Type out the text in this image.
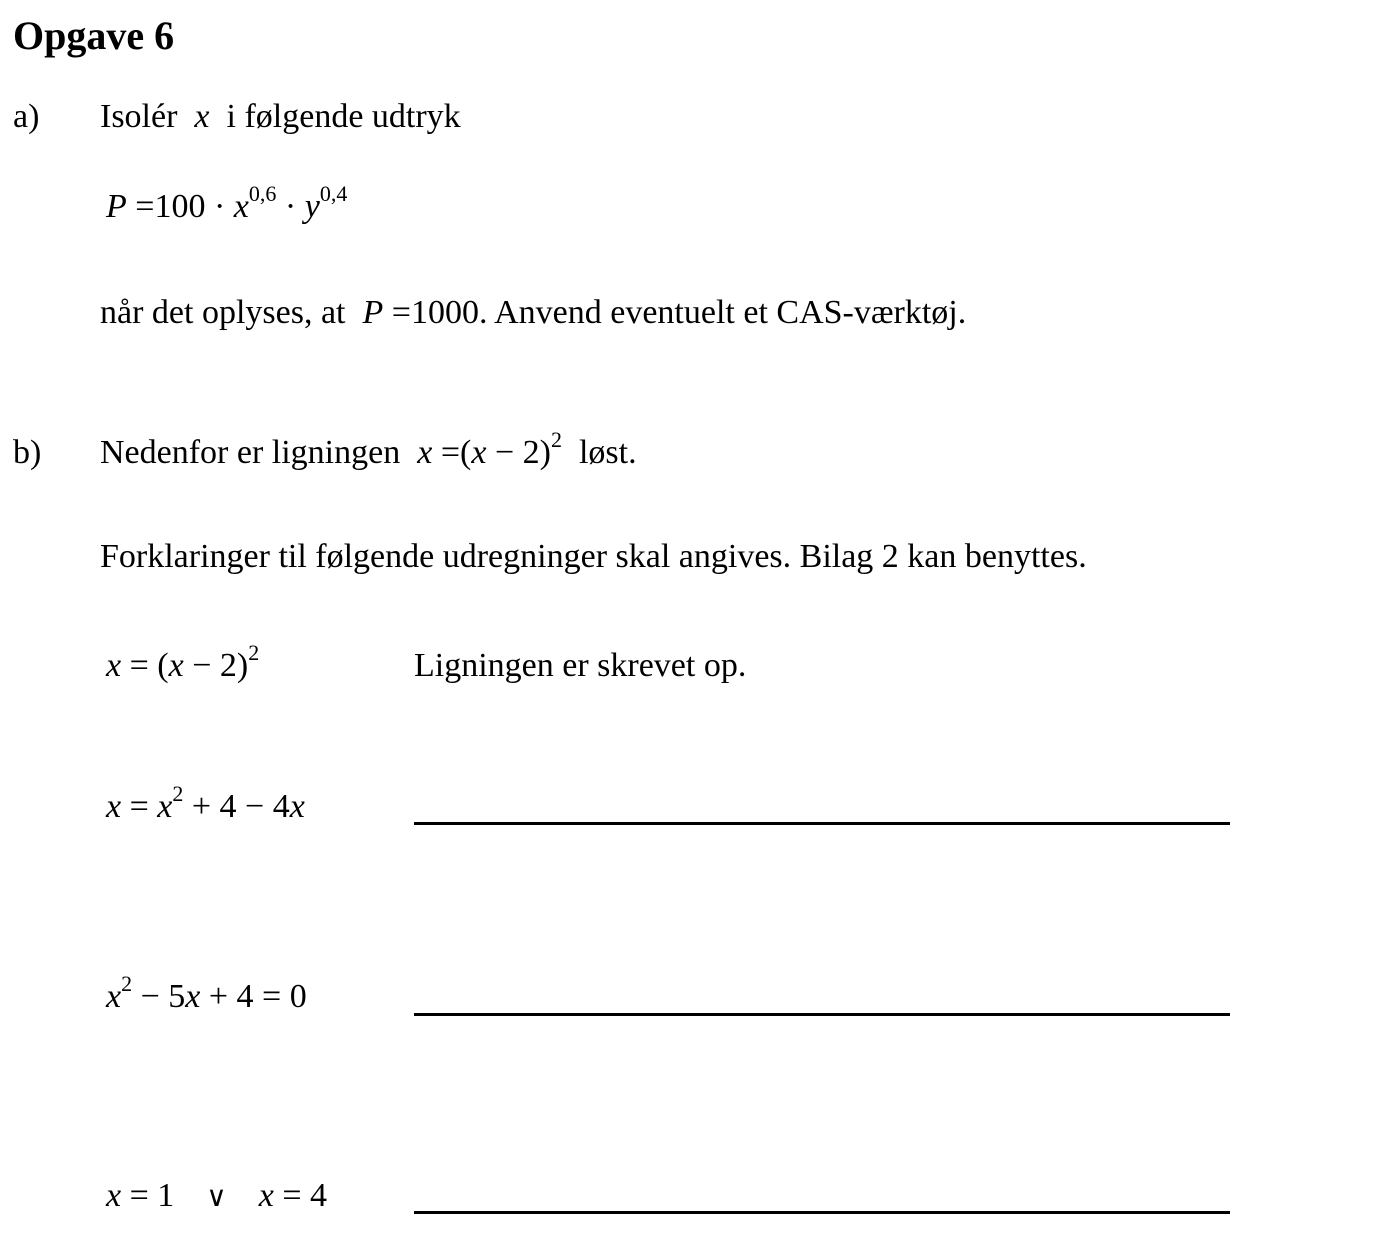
Opgave 6
a) Isolér x i følgende udtryk
$P =100 \cdot x^{0,6} \cdot y^{0,4}$
når det oplyses, at P =1000. Anvend eventuelt et CAS-værktøj.
b) Nedenfor er ligningen $x =(x - 2)^2$ løst.
Forklaringer til følgende udregninger skal angives. Bilag 2 kan benyttes.
$x = (x - 2)^2$	Ligningen er skrevet op.
$x = x^2 + 4 - 4x$
$x^2 - 5x + 4 = 0$
x = 1 ∨ x = 4
